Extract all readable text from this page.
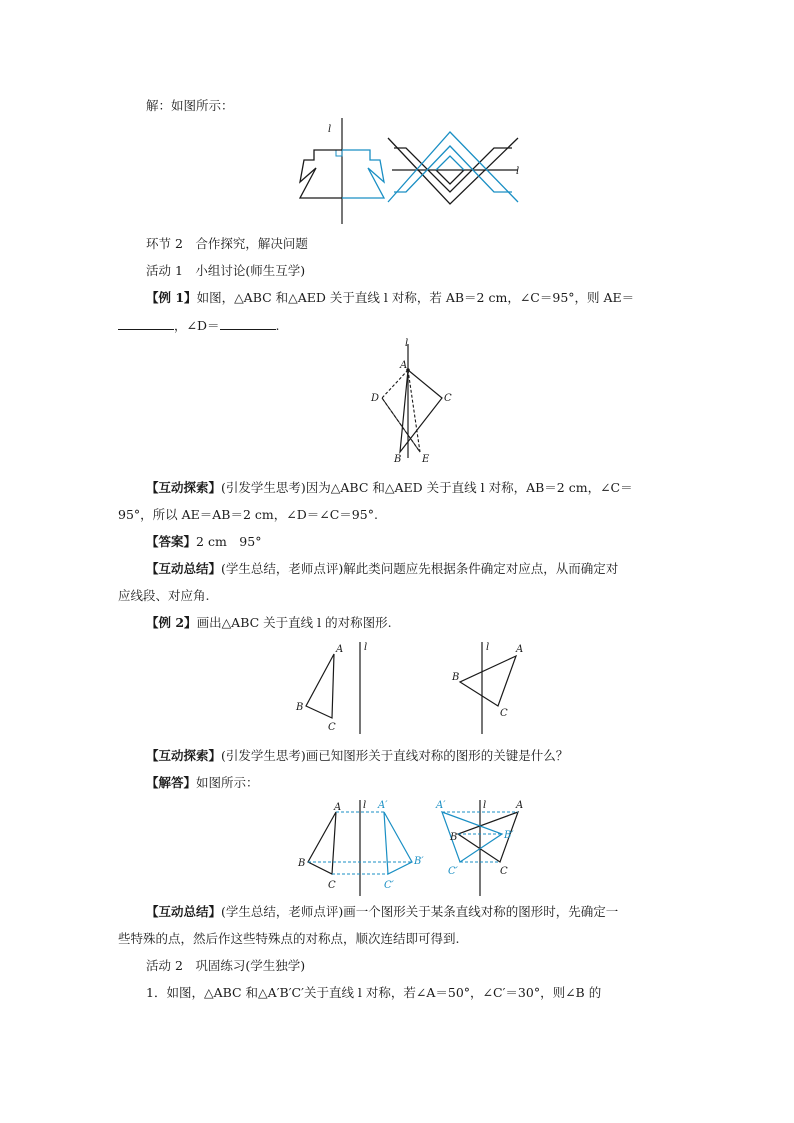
解：如图所示：
l
l
环节 2　合作探究，解决问题
活动 1　小组讨论(师生互学)
【例 1】如图，△ABC 和△AED 关于直线 l 对称，若 AB＝2 cm，∠C＝95°，则 AE＝
，∠D＝	.
l
A
C
D
B E
【互动探索】(引发学生思考)因为△ABC 和△AED 关于直线 l 对称，AB＝2 cm，∠C＝
95°，所以 AE＝AB＝2 cm，∠D＝∠C＝95°.
【答案】2 cm　95°
【互动总结】(学生总结，老师点评)解此类问题应先根据条件确定对应点，从而确定对
应线段、对应角.
【例 2】画出△ABC 关于直线 l 的对称图形.
l
A
B
C
l	A
B
C
【互动探索】(引发学生思考)画已知图形关于直线对称的图形的关键是什么？
【解答】如图所示：
l
A
B
C
A′
B′
C′
l
A′	A
B	B′
C′	C
【互动总结】(学生总结，老师点评)画一个图形关于某条直线对称的图形时，先确定一
些特殊的点，然后作这些特殊点的对称点，顺次连结即可得到.
活动 2　巩固练习(学生独学)
1．如图，△ABC 和△A′B′C′关于直线 l 对称，若∠A＝50°，∠C′＝30°，则∠B 的
